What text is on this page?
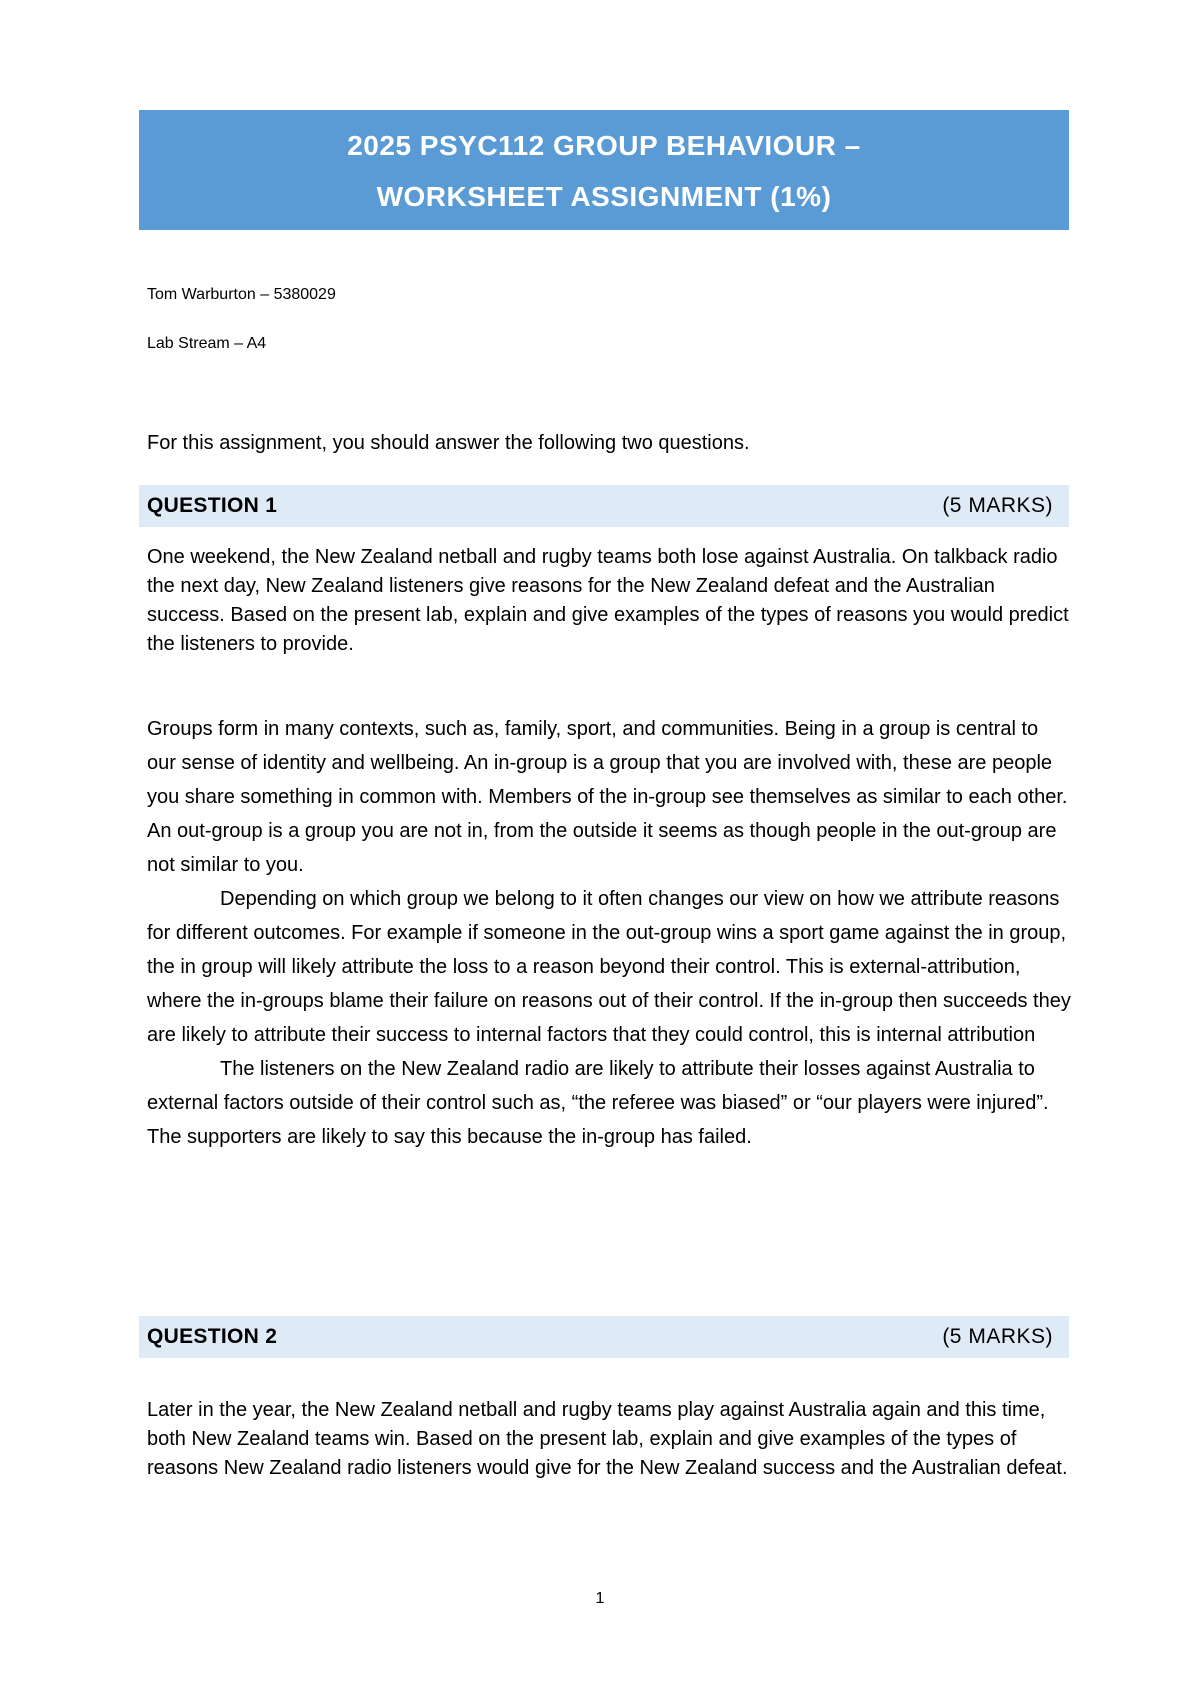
2025 PSYC112 GROUP BEHAVIOUR –
WORKSHEET ASSIGNMENT (1%)
Tom Warburton – 5380029
Lab Stream – A4
For this assignment, you should answer the following two questions.
QUESTION 1	(5 MARKS)
One weekend, the New Zealand netball and rugby teams both lose against Australia. On talkback radio the next day, New Zealand listeners give reasons for the New Zealand defeat and the Australian success. Based on the present lab, explain and give examples of the types of reasons you would predict the listeners to provide.

Groups form in many contexts, such as, family, sport, and communities. Being in a group is central to our sense of identity and wellbeing. An in-group is a group that you are involved with, these are people you share something in common with. Members of the in-group see themselves as similar to each other. An out-group is a group you are not in, from the outside it seems as though people in the out-group are not similar to you.

Depending on which group we belong to it often changes our view on how we attribute reasons for different outcomes. For example if someone in the out-group wins a sport game against the in group, the in group will likely attribute the loss to a reason beyond their control. This is external-attribution, where the in-groups blame their failure on reasons out of their control. If the in-group then succeeds they are likely to attribute their success to internal factors that they could control, this is internal attribution

The listeners on the New Zealand radio are likely to attribute their losses against Australia to external factors outside of their control such as, “the referee was biased” or “our players were injured”. The supporters are likely to say this because the in-group has failed.

QUESTION 2	(5 MARKS)
Later in the year, the New Zealand netball and rugby teams play against Australia again and this time, both New Zealand teams win. Based on the present lab, explain and give examples of the types of reasons New Zealand radio listeners would give for the New Zealand success and the Australian defeat.
1
